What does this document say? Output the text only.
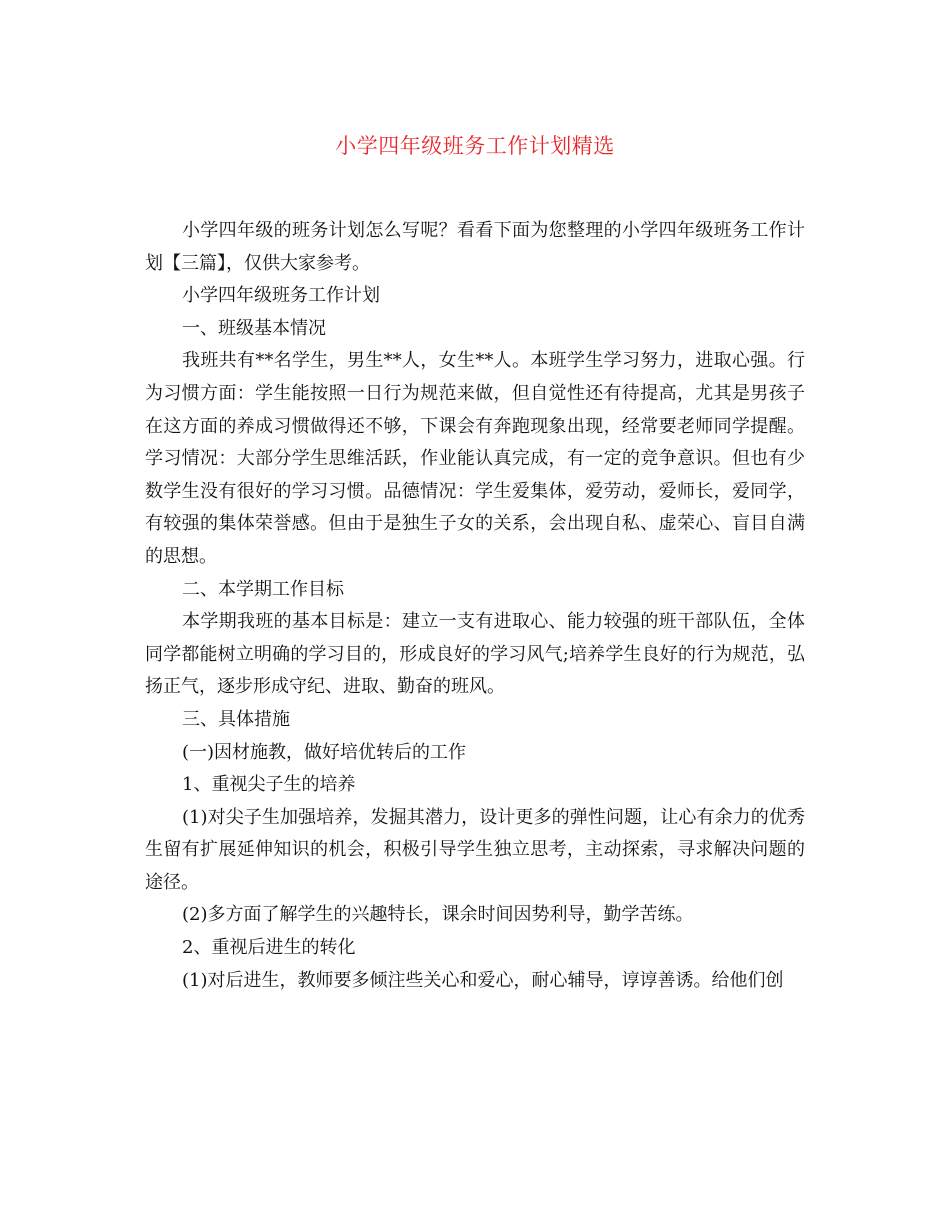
小学四年级班务工作计划精选

小学四年级的班务计划怎么写呢？看看下面为您整理的小学四年级班务工作计划【三篇】，仅供大家参考。

小学四年级班务工作计划

一、班级基本情况

我班共有**名学生，男生**人，女生**人。本班学生学习努力，进取心强。行为习惯方面：学生能按照一日行为规范来做，但自觉性还有待提高，尤其是男孩子在这方面的养成习惯做得还不够，下课会有奔跑现象出现，经常要老师同学提醒。学习情况：大部分学生思维活跃，作业能认真完成，有一定的竞争意识。但也有少数学生没有很好的学习习惯。品德情况：学生爱集体，爱劳动，爱师长，爱同学，有较强的集体荣誉感。但由于是独生子女的关系，会出现自私、虚荣心、盲目自满的思想。

二、本学期工作目标

本学期我班的基本目标是：建立一支有进取心、能力较强的班干部队伍，全体同学都能树立明确的学习目的，形成良好的学习风气;培养学生良好的行为规范，弘扬正气，逐步形成守纪、进取、勤奋的班风。

三、具体措施

(一)因材施教，做好培优转后的工作

1、重视尖子生的培养

(1)对尖子生加强培养，发掘其潜力，设计更多的弹性问题，让心有余力的优秀生留有扩展延伸知识的机会，积极引导学生独立思考，主动探索，寻求解决问题的途径。

(2)多方面了解学生的兴趣特长，课余时间因势利导，勤学苦练。

2、重视后进生的转化

(1)对后进生，教师要多倾注些关心和爱心，耐心辅导，谆谆善诱。给他们创
